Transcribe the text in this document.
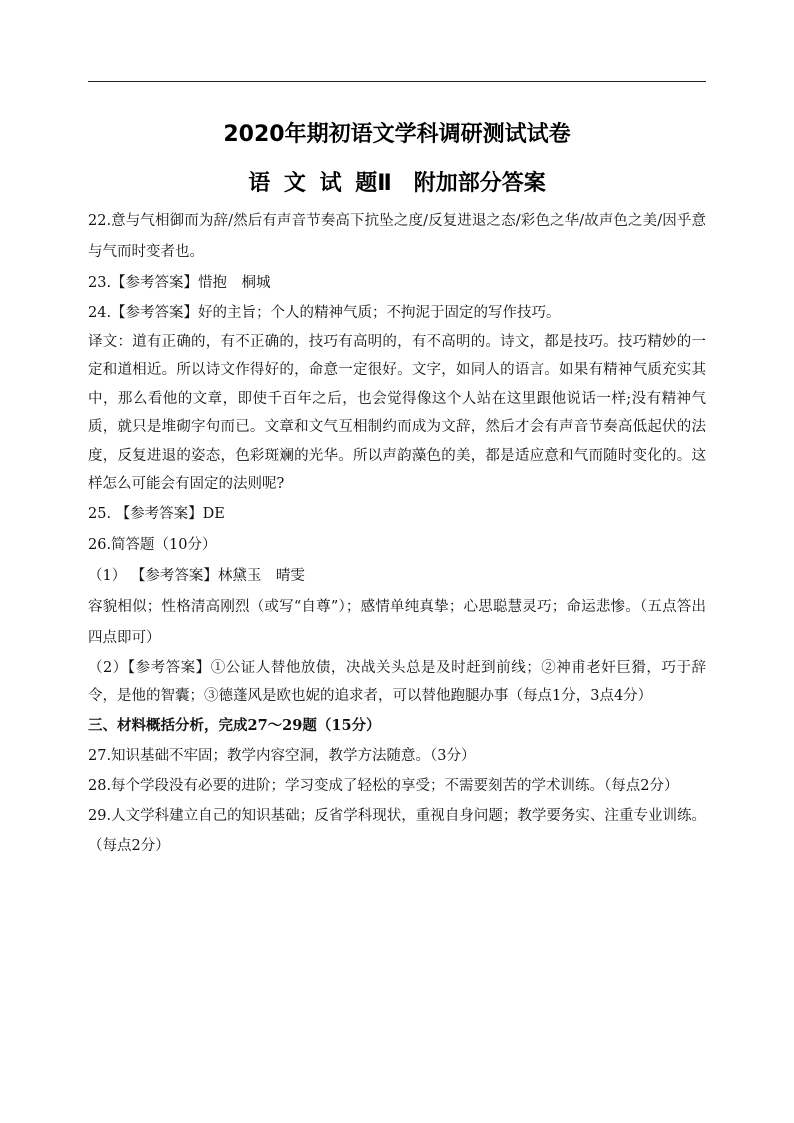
2020年期初语文学科调研测试试卷
语 文 试 题Ⅱ　附加部分答案

22.意与气相御而为辞/然后有声音节奏高下抗坠之度/反复进退之态/彩色之华/故声色之美/因乎意与气而时变者也。

23.【参考答案】惜抱　桐城

24.【参考答案】好的主旨；个人的精神气质；不拘泥于固定的写作技巧。

译文：道有正确的，有不正确的，技巧有高明的，有不高明的。诗文，都是技巧。技巧精妙的一定和道相近。所以诗文作得好的，命意一定很好。文字，如同人的语言。如果有精神气质充实其中，那么看他的文章，即使千百年之后，也会觉得像这个人站在这里跟他说话一样;没有精神气质，就只是堆砌字句而已。文章和文气互相制约而成为文辞，然后才会有声音节奏高低起伏的法度，反复进退的姿态，色彩斑斓的光华。所以声韵藻色的美，都是适应意和气而随时变化的。这样怎么可能会有固定的法则呢?

25. 【参考答案】DE

26.简答题（10分）

（1） 【参考答案】林黛玉　晴雯

容貌相似；性格清高刚烈（或写“自尊”）；感情单纯真挚；心思聪慧灵巧；命运悲惨。（五点答出四点即可）

（2）【参考答案】①公证人替他放债，决战关头总是及时赶到前线；②神甫老奸巨猾，巧于辞令，是他的智囊；③德蓬风是欧也妮的追求者，可以替他跑腿办事（每点1分，3点4分）

三、材料概括分析，完成27～29题（15分）

27.知识基础不牢固；教学内容空洞，教学方法随意。（3分）

28.每个学段没有必要的进阶；学习变成了轻松的享受；不需要刻苦的学术训练。（每点2分）

29.人文学科建立自己的知识基础；反省学科现状，重视自身问题；教学要务实、注重专业训练。（每点2分）
